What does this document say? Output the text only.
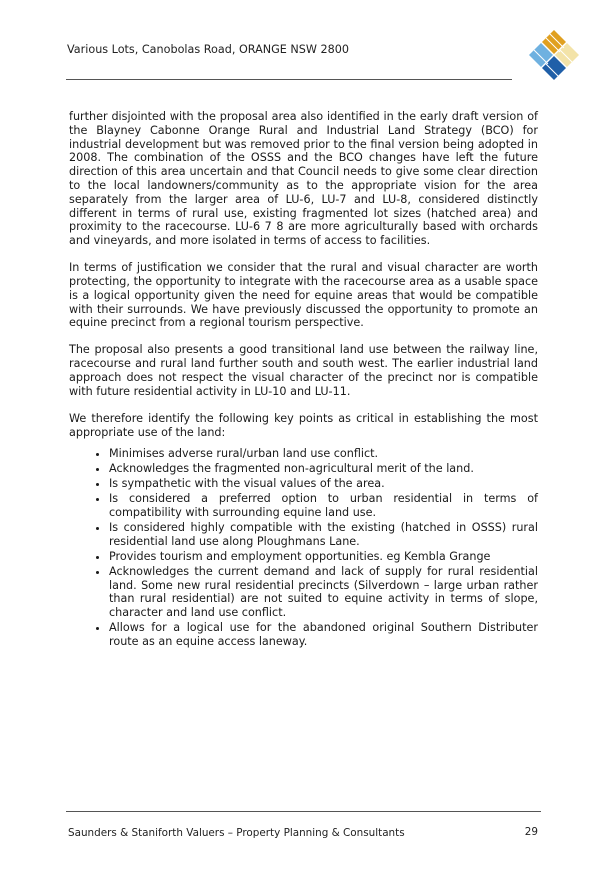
Various Lots, Canobolas Road, ORANGE NSW 2800

further disjointed with the proposal area also identified in the early draft version of the Blayney Cabonne Orange Rural and Industrial Land Strategy (BCO) for industrial development but was removed prior to the final version being adopted in 2008. The combination of the OSSS and the BCO changes have left the future direction of this area uncertain and that Council needs to give some clear direction to the local landowners/community as to the appropriate vision for the area separately from the larger area of LU-6, LU-7 and LU-8, considered distinctly different in terms of rural use, existing fragmented lot sizes (hatched area) and proximity to the racecourse. LU-6 7 8 are more agriculturally based with orchards and vineyards, and more isolated in terms of access to facilities.

In terms of justification we consider that the rural and visual character are worth protecting, the opportunity to integrate with the racecourse area as a usable space is a logical opportunity given the need for equine areas that would be compatible with their surrounds. We have previously discussed the opportunity to promote an equine precinct from a regional tourism perspective.

The proposal also presents a good transitional land use between the railway line, racecourse and rural land further south and south west. The earlier industrial land approach does not respect the visual character of the precinct nor is compatible with future residential activity in LU-10 and LU-11.

We therefore identify the following key points as critical in establishing the most appropriate use of the land:

• Minimises adverse rural/urban land use conflict.
• Acknowledges the fragmented non-agricultural merit of the land.
• Is sympathetic with the visual values of the area.
• Is considered a preferred option to urban residential in terms of compatibility with surrounding equine land use.
• Is considered highly compatible with the existing (hatched in OSSS) rural residential land use along Ploughmans Lane.
• Provides tourism and employment opportunities. eg Kembla Grange
• Acknowledges the current demand and lack of supply for rural residential land. Some new rural residential precincts (Silverdown – large urban rather than rural residential) are not suited to equine activity in terms of slope, character and land use conflict.
• Allows for a logical use for the abandoned original Southern Distributer route as an equine access laneway.
Saunders & Staniforth Valuers – Property Planning & Consultants	29
